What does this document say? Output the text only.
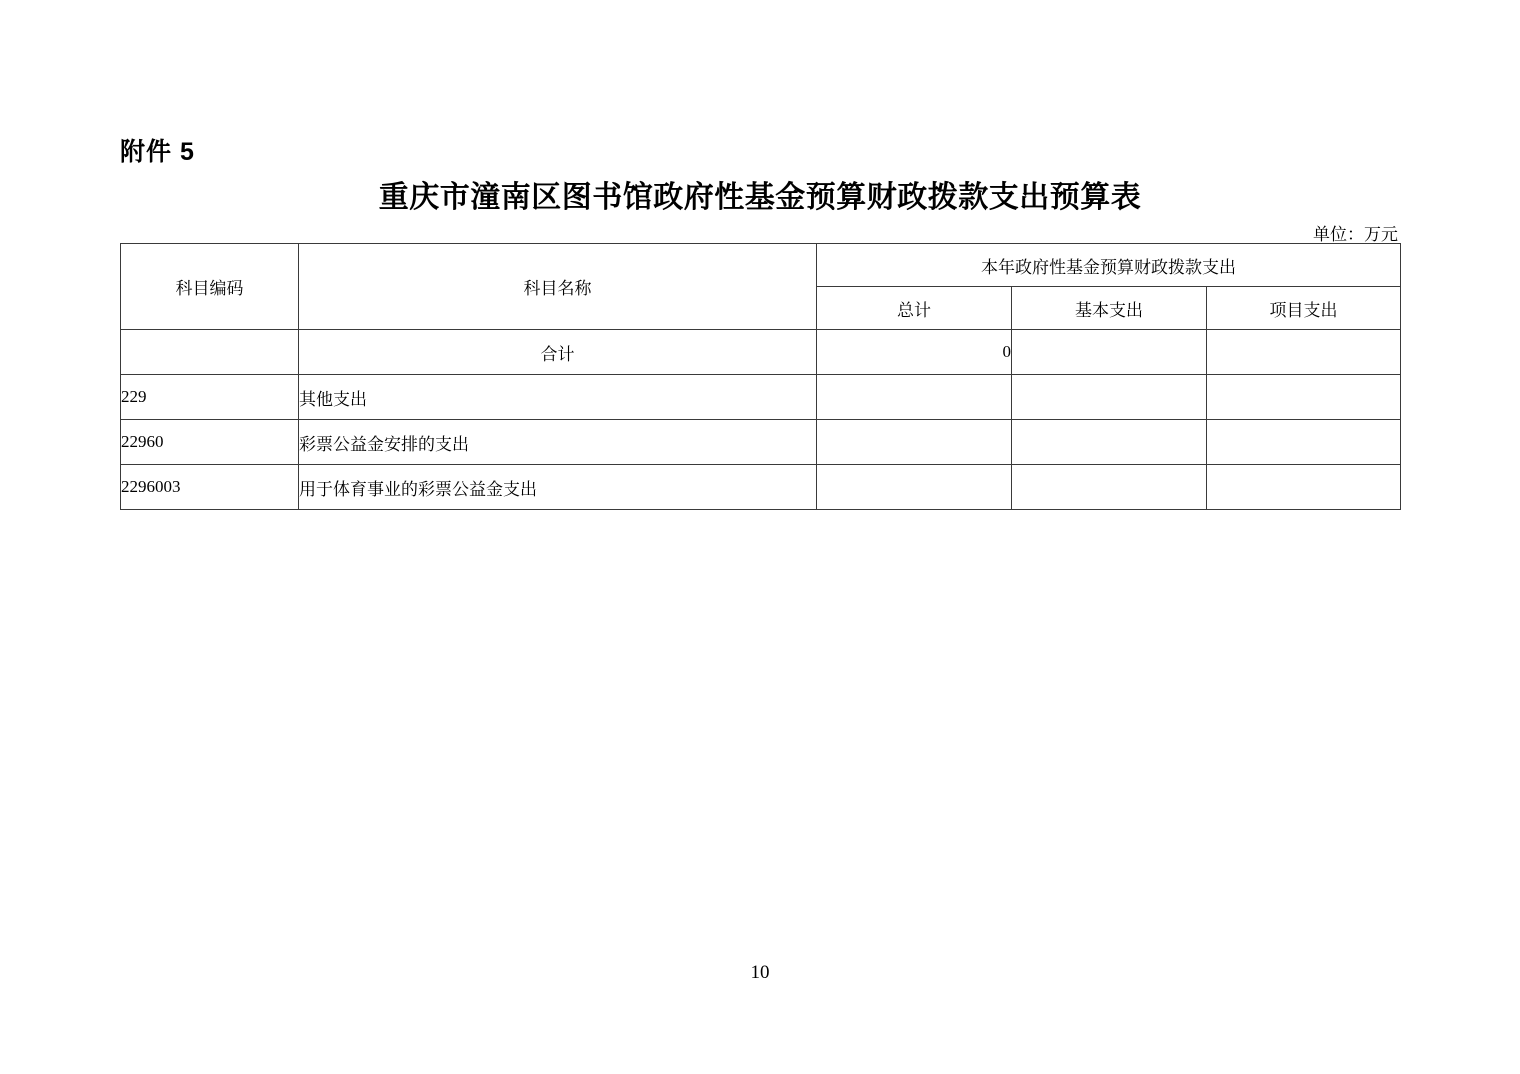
附件 5
重庆市潼南区图书馆政府性基金预算财政拨款支出预算表
单位：万元
科目编码	科目名称	本年政府性基金预算财政拨款支出		
		总计	基本支出	项目支出
	合计	0		
229	其他支出			
22960	彩票公益金安排的支出			
2296003	用于体育事业的彩票公益金支出			
10
